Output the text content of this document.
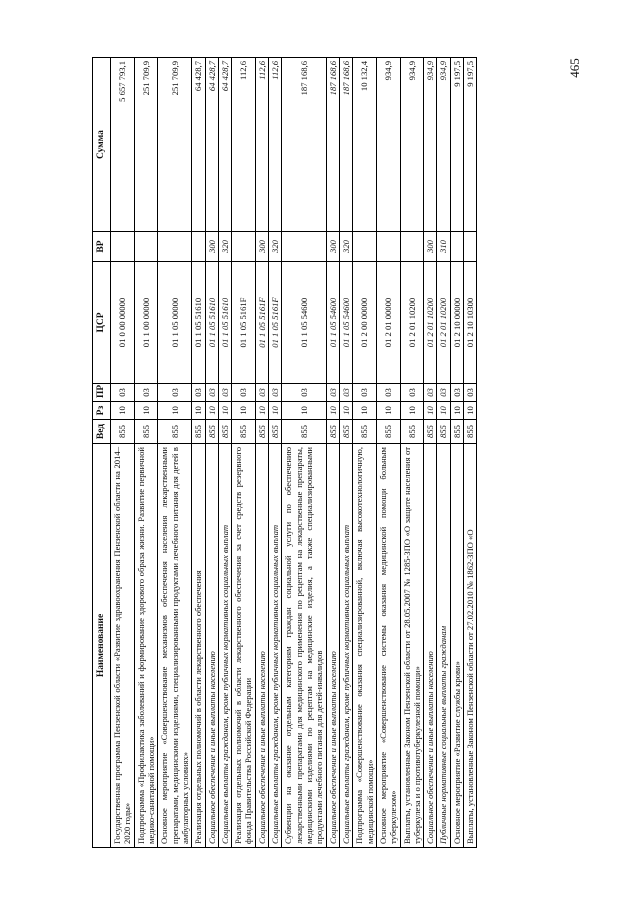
465
Наименование	Вед	Рз	ПР	ЦСР	ВР	Сумма
Государственная программа Пензенской области «Развитие здравоохранения Пензенской области на 2014–2020 годы»	855	10	03	01 0 00 00000		5 657 793,1
Подпрограмма «Профилактика заболеваний и формирование здорового образа жизни. Развитие первичной медико-санитарной помощи»	855	10	03	01 1 00 00000		251 709,9
Основное мероприятие «Совершенствование механизмов обеспечения населения лекарственными препаратами, медицинскими изделиями, специализированными продуктами лечебного питания для детей в амбулаторных условиях»	855	10	03	01 1 05 00000		251 709,9
Реализация отдельных полномочий в области лекарственного обеспечения	855	10	03	01 1 05 51610		64 428,7
Социальное обеспечение и иные выплаты населению	855	10	03	01 1 05 51610	300	64 428,7
Социальные выплаты гражданам, кроме публичных нормативных социальных выплат	855	10	03	01 1 05 51610	320	64 428,7
Реализация отдельных полномочий в области лекарственного обеспечения за счет средств резервного фонда Правительства Российской Федерации	855	10	03	01 1 05 5161F		112,6
Социальное обеспечение и иные выплаты населению	855	10	03	01 1 05 5161F	300	112,6
Социальные выплаты гражданам, кроме публичных нормативных социальных выплат	855	10	03	01 1 05 5161F	320	112,6
Субвенции на оказание отдельным категориям граждан социальной услуги по обеспечению лекарственными препаратами для медицинского применения по рецептам на лекарственные препараты, медицинскими изделиями по рецептам на медицинские изделия, а также специализированными продуктами лечебного питания для детей-инвалидов	855	10	03	01 1 05 54600		187 168,6
Социальное обеспечение и иные выплаты населению	855	10	03	01 1 05 54600	300	187 168,6
Социальные выплаты гражданам, кроме публичных нормативных социальных выплат	855	10	03	01 1 05 54600	320	187 168,6
Подпрограмма «Совершенствование оказания специализированной, включая высокотехнологичную, медицинской помощи»	855	10	03	01 2 00 00000		10 132,4
Основное мероприятие «Совершенствование системы оказания медицинской помощи больным туберкулезом»	855	10	03	01 2 01 00000		934,9
Выплаты, установленные Законом Пензенской области от 28.05.2007 № 1285-ЗПО «О защите населения от туберкулеза и о противотуберкулезной помощи»	855	10	03	01 2 01 10200		934,9
Социальное обеспечение и иные выплаты населению	855	10	03	01 2 01 10200	300	934,9
Публичные нормативные социальные выплаты гражданам	855	10	03	01 2 01 10200	310	934,9
Основное мероприятие «Развитие службы крови»	855	10	03	01 2 10 00000		9 197,5
Выплаты, установленные Законом Пензенской области от 27.02.2010 № 1862-ЗПО «О	855	10	03	01 2 10 10300		9 197,5
